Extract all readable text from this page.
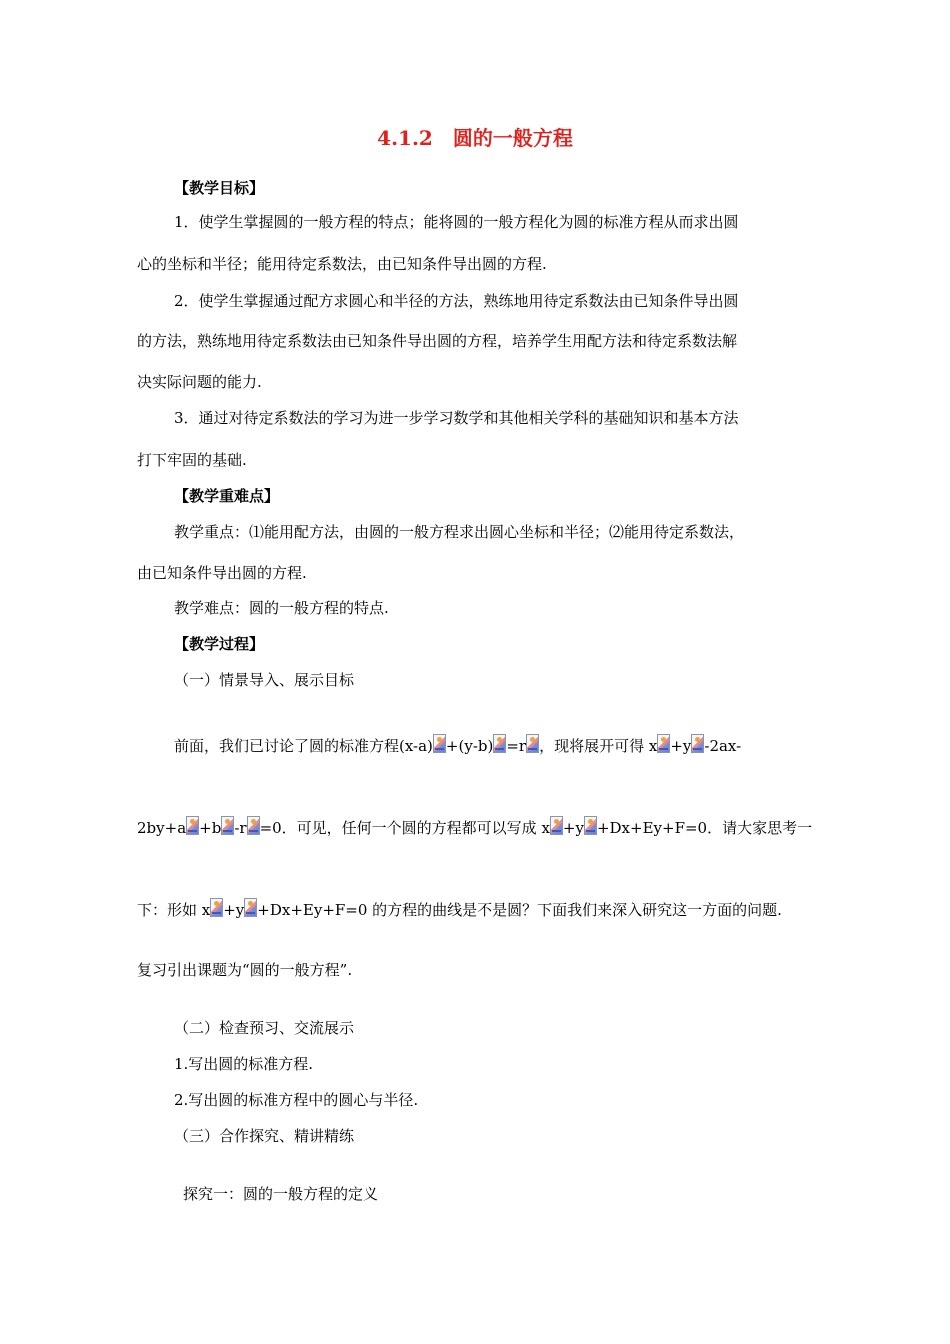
4.1.2　圆的一般方程
【教学目标】
1．使学生掌握圆的一般方程的特点；能将圆的一般方程化为圆的标准方程从而求出圆
心的坐标和半径；能用待定系数法，由已知条件导出圆的方程.
2．使学生掌握通过配方求圆心和半径的方法，熟练地用待定系数法由已知条件导出圆
的方法，熟练地用待定系数法由已知条件导出圆的方程，培养学生用配方法和待定系数法解
决实际问题的能力.
3．通过对待定系数法的学习为进一步学习数学和其他相关学科的基础知识和基本方法
打下牢固的基础.
【教学重难点】
教学重点：⑴能用配方法，由圆的一般方程求出圆心坐标和半径；⑵能用待定系数法，
由已知条件导出圆的方程.
教学难点：圆的一般方程的特点.
【教学过程】
（一）情景导入、展示目标
前面，我们已讨论了圆的标准方程(x-a) +(y-b) =r ，现将展开可得 x +y -2ax-
2by+a +b -r =0．可见，任何一个圆的方程都可以写成 x +y +Dx+Ey+F=0．请大家思考一
下：形如 x +y +Dx+Ey+F=0 的方程的曲线是不是圆？下面我们来深入研究这一方面的问题.
复习引出课题为“圆的一般方程”.
（二）检查预习、交流展示
1.写出圆的标准方程.
2.写出圆的标准方程中的圆心与半径.
（三）合作探究、精讲精练
探究一：圆的一般方程的定义
